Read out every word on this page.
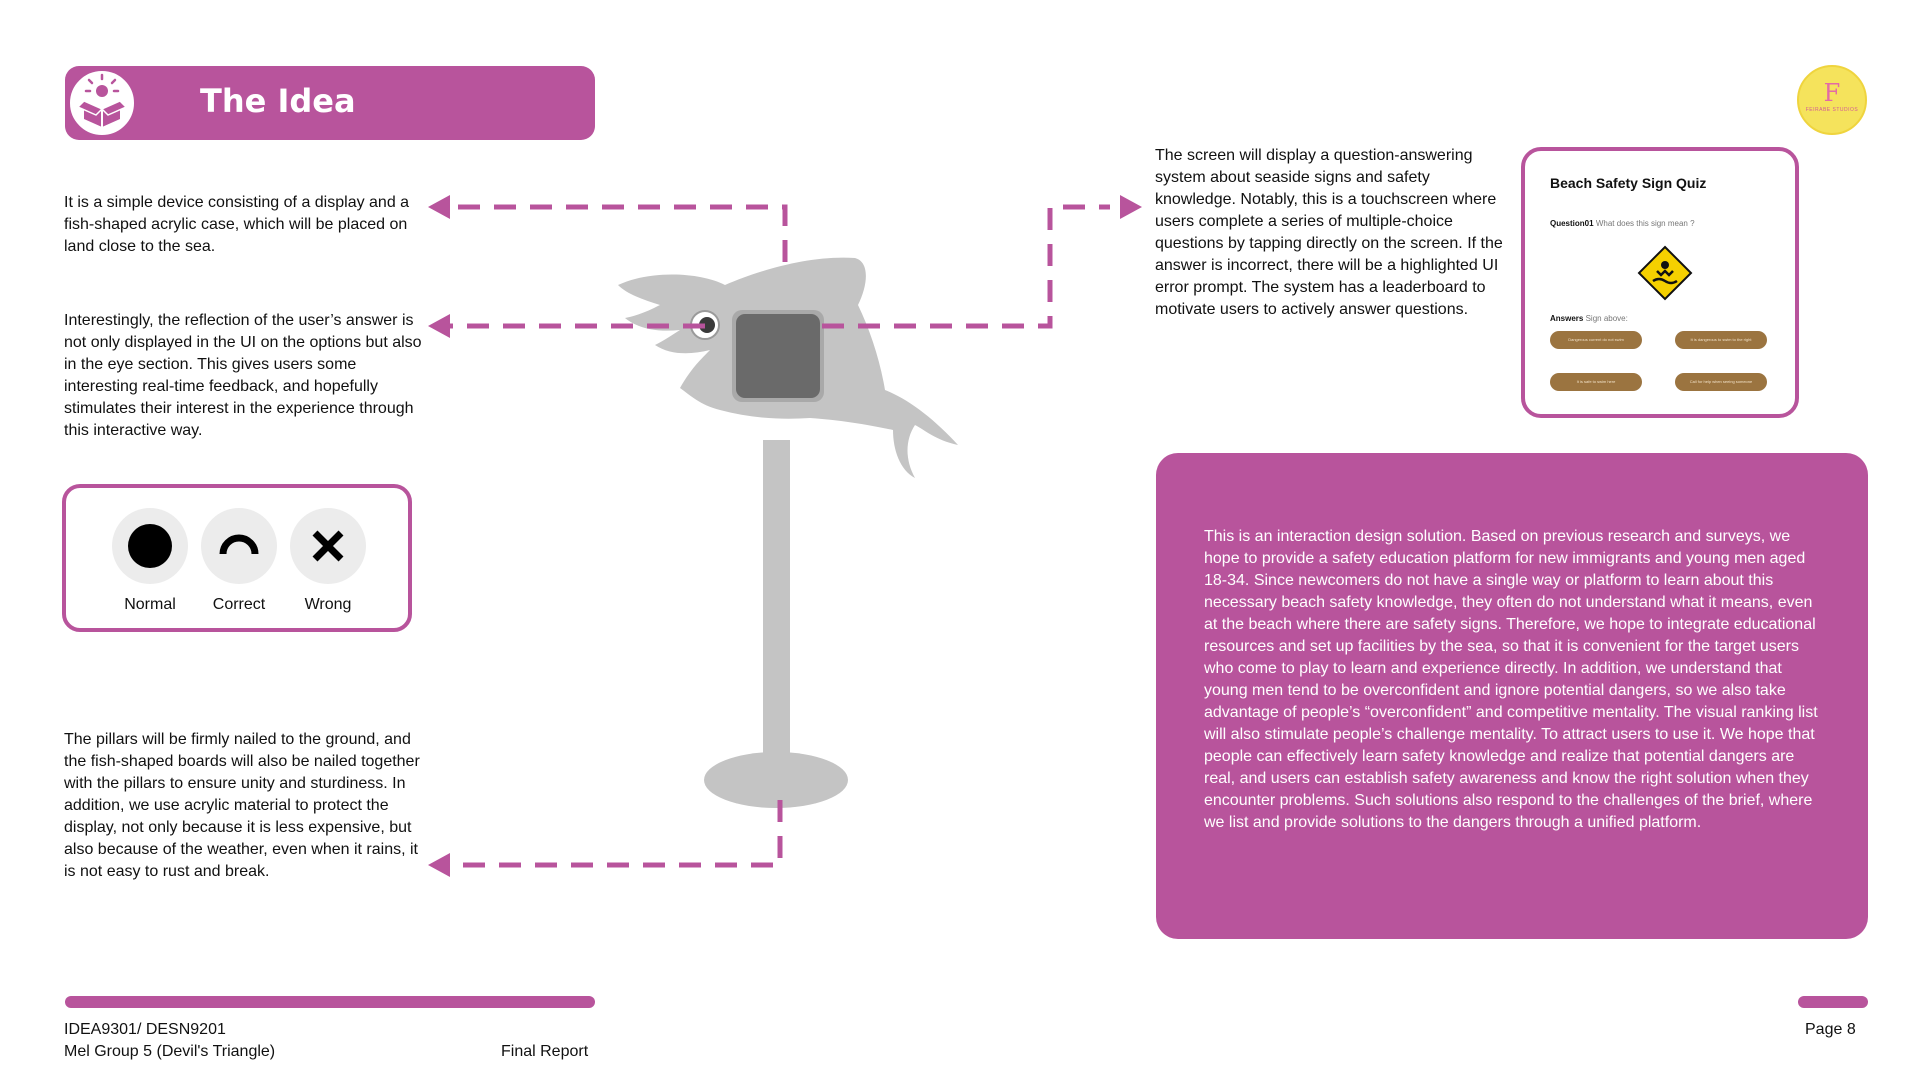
The Idea	F
FEIRABE STUDIOS
It is a simple device consisting of a display and a fish-shaped acrylic case, which will be placed on land close to the sea.
Interestingly, the reflection of the user’s answer is not only displayed in the UI on the options but also in the eye section. This gives users some interesting real-time feedback, and hopefully stimulates their interest in the experience through this interactive way.
The pillars will be firmly nailed to the ground, and the fish-shaped boards will also be nailed together with the pillars to ensure unity and sturdiness. In addition, we use acrylic material to protect the display, not only because it is less expensive, but also because of the weather, even when it rains, it is not easy to rust and break.
The screen will display a question-answering system about seaside signs and safety knowledge. Notably, this is a touchscreen where users complete a series of multiple-choice questions by tapping directly on the screen. If the answer is incorrect, there will be a highlighted UI error prompt. The system has a leaderboard to motivate users to actively answer questions.
Normal	Correct	Wrong
Beach Safety Sign Quiz
Question01 What does this sign mean ?
Answers Sign above:
Dangerous current do not swim	It is dangerous to swim to the right
It is safe to swim here	Call for help when seeing someone
This is an interaction design solution. Based on previous research and surveys, we hope to provide a safety education platform for new immigrants and young men aged 18-34. Since newcomers do not have a single way or platform to learn about this necessary beach safety knowledge, they often do not understand what it means, even at the beach where there are safety signs. Therefore, we hope to integrate educational resources and set up facilities by the sea, so that it is convenient for the target users who come to play to learn and experience directly. In addition, we understand that young men tend to be overconfident and ignore potential dangers, so we also take advantage of people’s “overconfident” and competitive mentality. The visual ranking list will also stimulate people’s challenge mentality. To attract users to use it. We hope that people can effectively learn safety knowledge and realize that potential dangers are real, and users can establish safety awareness and know the right solution when they encounter problems. Such solutions also respond to the challenges of the brief, where we list and provide solutions to the dangers through a unified platform.
IDEA9301/ DESN9201
Mel Group 5 (Devil's Triangle)	Final Report
Page 8
